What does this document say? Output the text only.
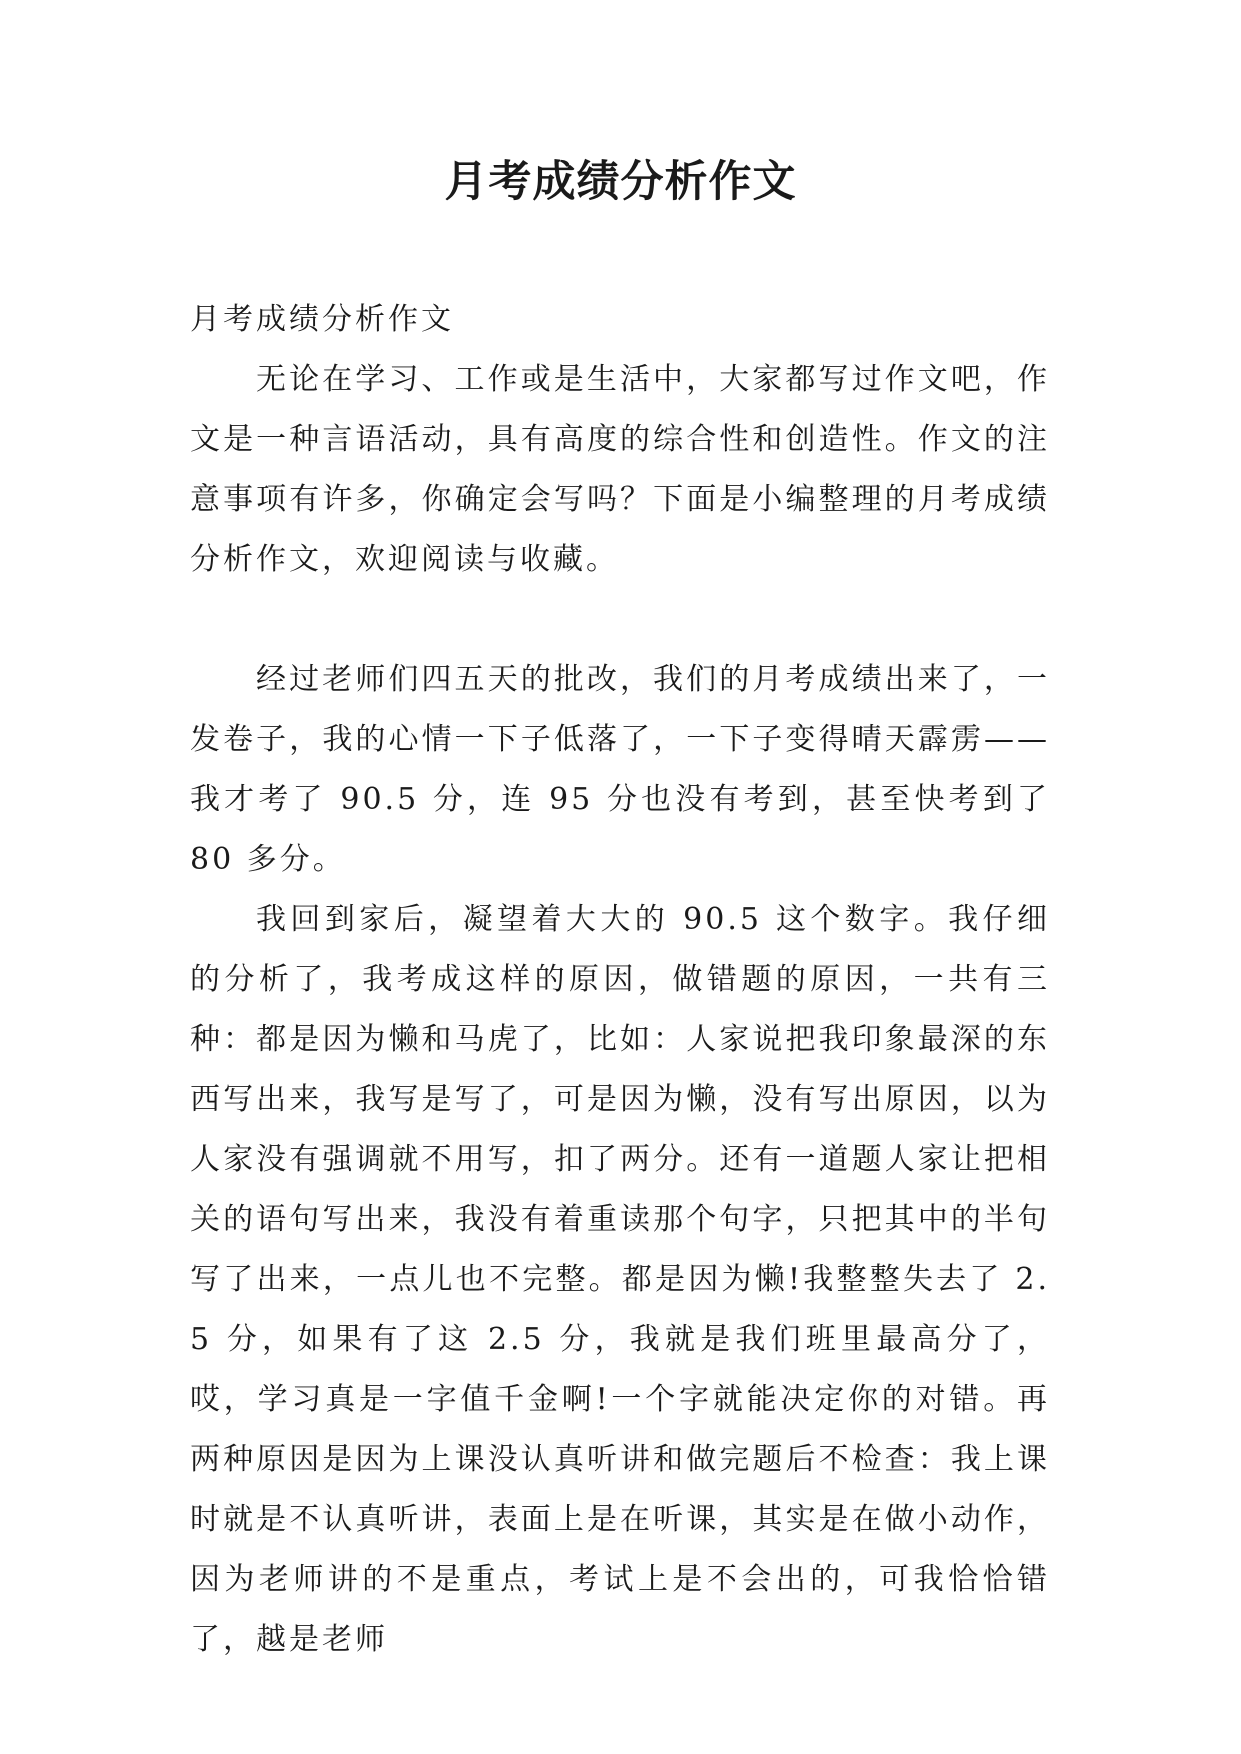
月考成绩分析作文

月考成绩分析作文

无论在学习、工作或是生活中，大家都写过作文吧，作文是一种言语活动，具有高度的综合性和创造性。作文的注意事项有许多，你确定会写吗？下面是小编整理的月考成绩分析作文，欢迎阅读与收藏。

经过老师们四五天的批改，我们的月考成绩出来了，一发卷子，我的心情一下子低落了，一下子变得晴天霹雳——我才考了 90.5 分，连 95 分也没有考到，甚至快考到了 80 多分。

我回到家后，凝望着大大的 90.5 这个数字。我仔细的分析了，我考成这样的原因，做错题的原因，一共有三种：都是因为懒和马虎了，比如：人家说把我印象最深的东西写出来，我写是写了，可是因为懒，没有写出原因，以为人家没有强调就不用写，扣了两分。还有一道题人家让把相关的语句写出来，我没有着重读那个句字，只把其中的半句写了出来，一点儿也不完整。都是因为懒!我整整失去了 2.5 分，如果有了这 2.5 分，我就是我们班里最高分了，哎，学习真是一字值千金啊!一个字就能决定你的对错。再两种原因是因为上课没认真听讲和做完题后不检查：我上课时就是不认真听讲，表面上是在听课，其实是在做小动作，因为老师讲的不是重点，考试上是不会出的，可我恰恰错了，越是老师
